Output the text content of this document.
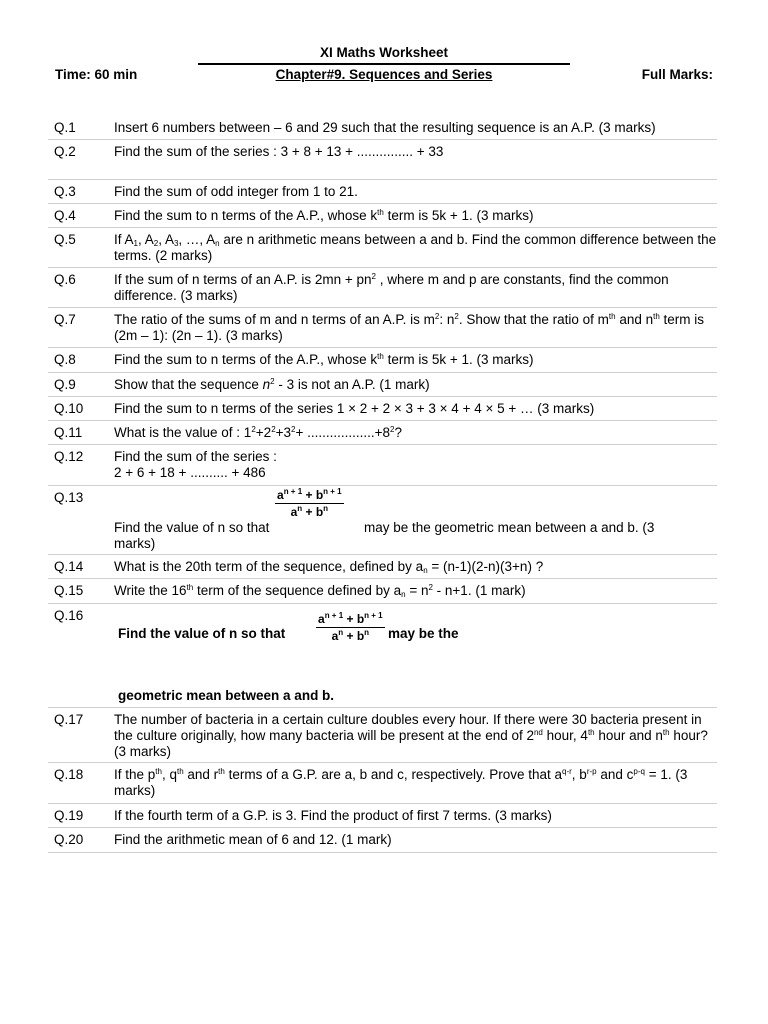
XI Maths Worksheet
Time: 60 min	Chapter#9. Sequences and Series	Full Marks:
Q.1	Insert 6 numbers between – 6 and 29 such that the resulting sequence is an A.P. (3 marks)
Q.2	Find the sum of the series : 3 + 8 + 13 + ............... + 33
Q.3	Find the sum of odd integer from 1 to 21.
Q.4	Find the sum to n terms of the A.P., whose $k^{th}$ term is 5k + 1. (3 marks)
Q.5	If $A_1$, $A_2$, $A_3$, …, $A_n$ are n arithmetic means between a and b. Find the common difference between the terms. (2 marks)
Q.6	If the sum of n terms of an A.P. is $2mn + pn^2$ , where m and p are constants, find the common difference. (3 marks)
Q.7	The ratio of the sums of m and n terms of an A.P. is $m^2$: $n^2$. Show that the ratio of $m^{th}$ and $n^{th}$ term is (2m – 1): (2n – 1). (3 marks)
Q.8	Find the sum to n terms of the A.P., whose $k^{th}$ term is 5k + 1. (3 marks)
Q.9	Show that the sequence $n^2 - 3$ is not an A.P. (1 mark)
Q.10 Find the sum to n terms of the series 1 × 2 + 2 × 3 + 3 × 4 + 4 × 5 + … (3 marks)
Q.11 What is the value of : $1^2+2^2+3^2+ ..................+8^2$?
Q.12 Find the sum of the series :
2 + 6 + 18 + .......... + 486
Q.13	$a^{n + 1} + b^{n + 1}$
$a^n + b^n$
Find the value of n so that	may be the geometric mean between a and b. (3
marks)
Q.14 What is the 20th term of the sequence, defined by $a_n = (n-1)(2-n)(3+n)$ ?
Q.15 Write the 16th term of the sequence defined by $a_n = n^2 - n+1$. (1 mark)
Q.16
Find the value of n so that
$a^{n + 1} + b^{n + 1}$
$a^n + b^n$	may be the
geometric mean between a and b.
Q.17 The number of bacteria in a certain culture doubles every hour. If there were 30 bacteria present in the culture originally, how many bacteria will be present at the end of 2nd hour, 4th hour and $n^{th}$ hour? (3 marks)
Q.18 If the $p^{th}$, $q^{th}$ and $r^{th}$ terms of a G.P. are a, b and c, respectively. Prove that $a^{q-r}$, $b^{r-p}$ and $c^{p-q} = 1$. (3 marks)
Q.19 If the fourth term of a G.P. is 3. Find the product of first 7 terms. (3 marks)
Q.20 Find the arithmetic mean of 6 and 12. (1 mark)
